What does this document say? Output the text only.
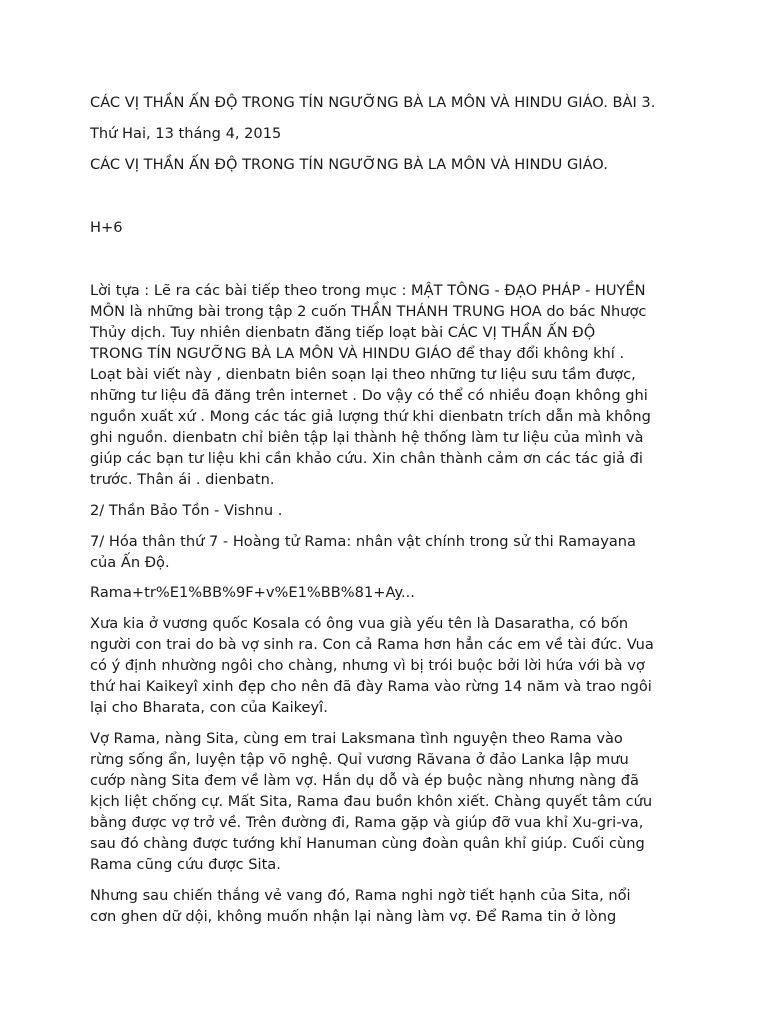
CÁC VỊ THẦN ẤN ĐỘ TRONG TÍN NGƯỠNG BÀ LA MÔN VÀ HINDU GIÁO. BÀI 3.
Thứ Hai, 13 tháng 4, 2015
CÁC VỊ THẦN ẤN ĐỘ TRONG TÍN NGƯỠNG BÀ LA MÔN VÀ HINDU GIÁO.
H+6
Lời tựa : Lẽ ra các bài tiếp theo trong mục : MẬT TÔNG - ĐẠO PHÁP - HUYỀN
MÔN là những bài trong tập 2 cuốn THẦN THÁNH TRUNG HOA do bác Nhược
Thủy dịch. Tuy nhiên dienbatn đăng tiếp loạt bài CÁC VỊ THẦN ẤN ĐỘ
TRONG TÍN NGƯỠNG BÀ LA MÔN VÀ HINDU GIÁO để thay đổi không khí .
Loạt bài viết này , dienbatn biên soạn lại theo những tư liệu sưu tầm được,
những tư liệu đã đăng trên internet . Do vậy có thể có nhiều đoạn không ghi
nguồn xuất xứ . Mong các tác giả lượng thứ khi dienbatn trích dẫn mà không
ghi nguồn. dienbatn chỉ biên tập lại thành hệ thống làm tư liệu của mình và
giúp các bạn tư liệu khi cần khảo cứu. Xin chân thành cảm ơn các tác giả đi
trước. Thân ái . dienbatn.
2/ Thần Bảo Tồn - Vishnu .
7/ Hóa thân thứ 7 - Hoàng tử Rama: nhân vật chính trong sử thi Ramayana
của Ấn Độ.
Rama+tr%E1%BB%9F+v%E1%BB%81+Ay...
Xưa kia ở vương quốc Kosala có ông vua già yếu tên là Dasaratha, có bốn
người con trai do bà vợ sinh ra. Con cả Rama hơn hẳn các em về tài đức. Vua
có ý định nhường ngôi cho chàng, nhưng vì bị trói buộc bởi lời hứa với bà vợ
thứ hai Kaikeyî xinh đẹp cho nên đã đày Rama vào rừng 14 năm và trao ngôi
lại cho Bharata, con của Kaikeyî.
Vợ Rama, nàng Sita, cùng em trai Laksmana tình nguyện theo Rama vào
rừng sống ẩn, luyện tập võ nghệ. Quỉ vương Rãvana ở đảo Lanka lập mưu
cướp nàng Sita đem về làm vợ. Hắn dụ dỗ và ép buộc nàng nhưng nàng đã
kịch liệt chống cự. Mất Sita, Rama đau buồn khôn xiết. Chàng quyết tâm cứu
bằng được vợ trở về. Trên đường đi, Rama gặp và giúp đỡ vua khỉ Xu-gri-va,
sau đó chàng được tướng khỉ Hanuman cùng đoàn quân khỉ giúp. Cuối cùng
Rama cũng cứu được Sita.
Nhưng sau chiến thắng vẻ vang đó, Rama nghi ngờ tiết hạnh của Sita, nổi
cơn ghen dữ dội, không muốn nhận lại nàng làm vợ. Để Rama tin ở lòng
